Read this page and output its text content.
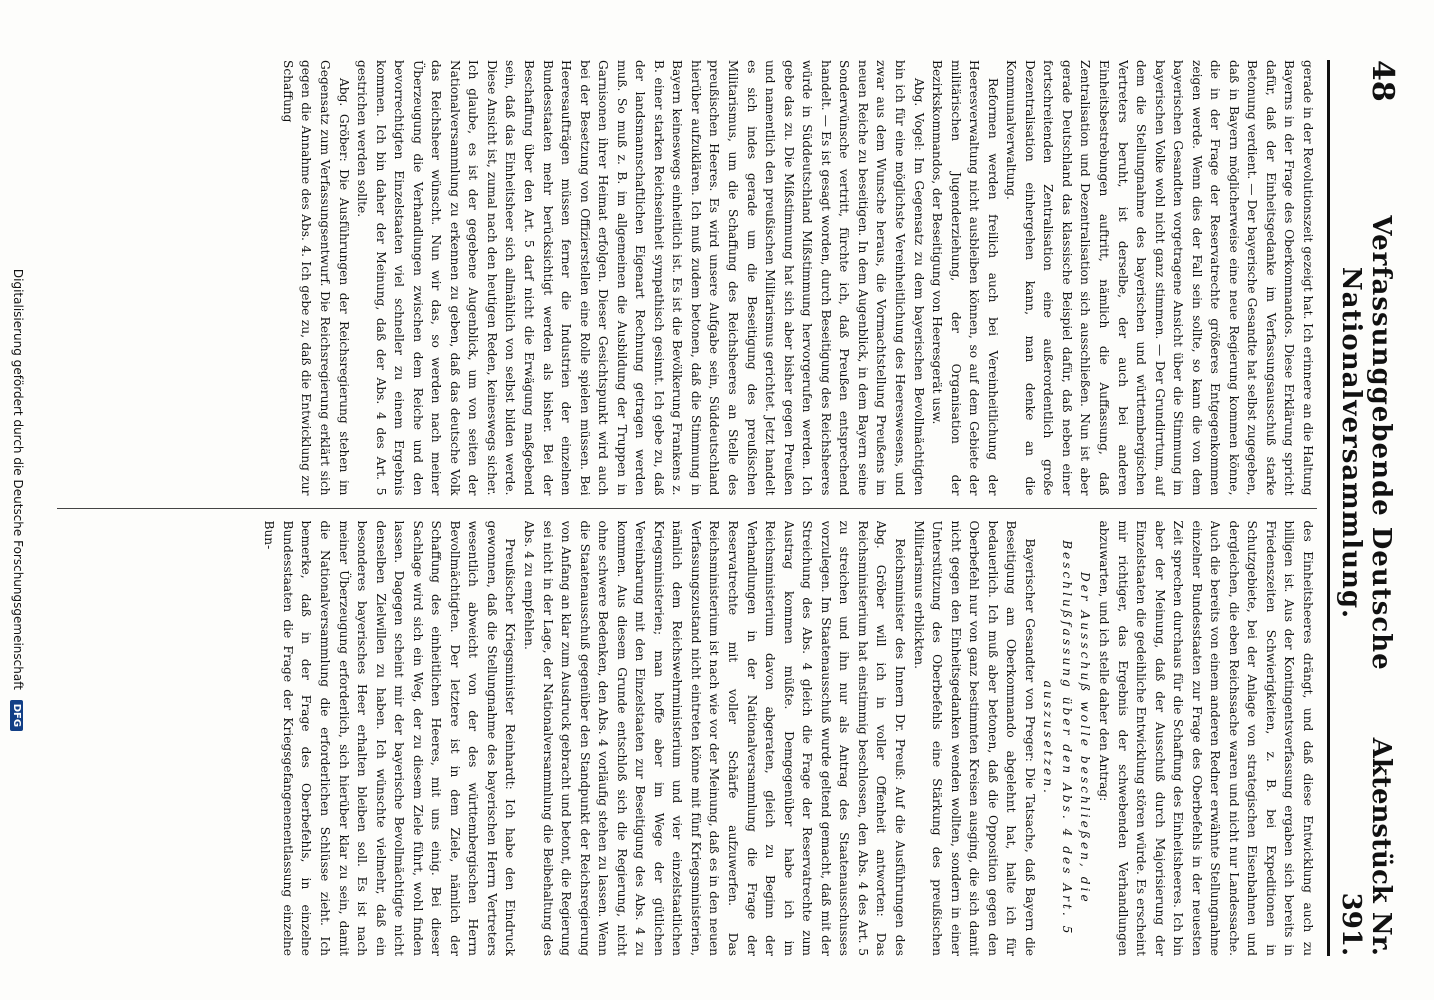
48
Verfassunggebende Deutsche Nationalversammlung.
Aktenstück Nr. 391.

gerade in der Revolutionszeit gezeigt hat. Ich erinnere an die Haltung Bayerns in der Frage des Oberkommandos. Diese Erklärung spricht dafür, daß der Einheitsgedanke im Verfassungsausschuß starke Betonung verdient. — Der bayerische Gesandte hat selbst zugegeben, daß in Bayern möglicherweise eine neue Regierung kommen könne, die in der Frage der Reservatrechte größeres Entgegenkommen zeigen werde. Wenn dies der Fall sein sollte, so kann die von dem bayerischen Gesandten vorgetragene Ansicht über die Stimmung im bayerischen Volke wohl nicht ganz stimmen. — Der Grundirrtum, auf dem die Stellungnahme des bayerischen und württembergischen Vertreters beruht, ist derselbe, der auch bei anderen Einheitsbestrebungen auftritt, nämlich die Auffassung, daß Zentralisation und Dezentralisation sich ausschließen. Nun ist aber gerade Deutschland das klassische Beispiel dafür, daß neben einer fortschreitenden Zentralisation eine außerordentlich große Dezentralisation einhergehen kann, man denke an die Kommunalverwaltung.

Reformen werden freilich auch bei Vereinheitlichung der Heeresverwaltung nicht ausbleiben können, so auf dem Gebiete der militärischen Jugenderziehung, der Organisation der Bezirkskommandos, der Beseitigung von Heeresgerät usw.

Abg. Vogel: Im Gegensatz zu dem bayerischen Bevollmächtigten bin ich für eine möglichste Vereinheitlichung des Heereswesens, und zwar aus dem Wunsche heraus, die Vormachtstellung Preußens im neuen Reiche zu beseitigen. In dem Augenblick, in dem Bayern seine Sonderwünsche vertritt, fürchte ich, daß Preußen entsprechend handelt. — Es ist gesagt worden, durch Beseitigung des Reichsheeres würde in Süddeutschland Mißstimmung hervorgerufen werden. Ich gebe das zu. Die Mißstimmung hat sich aber bisher gegen Preußen und namentlich den preußischen Militarismus gerichtet. Jetzt handelt es sich indes gerade um die Beseitigung des preußischen Militarismus, um die Schaffung des Reichsheeres an Stelle des preußischen Heeres. Es wird unsere Aufgabe sein, Süddeutschland hierüber aufzuklären. Ich muß zudem betonen, daß die Stimmung in Bayern keineswegs einheitlich ist. Es ist die Bevölkerung Frankens z. B. einer starken Reichseinheit sympathisch gesinnt. Ich gebe zu, daß der landsmannschaftlichen Eigenart Rechnung getragen werden muß. So muß z. B. im allgemeinen die Ausbildung der Truppen in Garnisonen ihrer Heimat erfolgen. Dieser Gesichtspunkt wird auch bei der Besetzung von Offizierstellen eine Rolle spielen müssen. Bei Heeresaufträgen müssen ferner die Industrien der einzelnen Bundesstaaten mehr berücksichtigt werden als bisher. Bei der Beschaffung über den Art. 5 darf nicht die Erwägung maßgebend sein, daß das Einheitsheer sich allmählich von selbst bilden werde. Diese Ansicht ist, zumal nach den heutigen Reden, keineswegs sicher. Ich glaube, es ist der gegebene Augenblick, um von seiten der Nationalversammlung zu erkennen zu geben, daß das deutsche Volk das Reichsheer wünscht. Nun wir das, so werden nach meiner Überzeugung die Verhandlungen zwischen dem Reiche und den bevorrechtigten Einzelstaaten viel schneller zu einem Ergebnis kommen. Ich bin daher der Meinung, daß der Abs. 4 des Art. 5 gestrichen werden sollte.

Abg. Gröber: Die Ausführungen der Reichsregierung stehen im Gegensatz zum Verfassungsentwurf. Die Reichsregierung erklärt sich gegen die Annahme des Abs. 4. Ich gebe zu, daß die Entwicklung zur Schaffung

des Einheitsheeres drängt, und daß diese Entwicklung auch zu billigen ist. Aus der Kontingentsverfassung ergaben sich bereits in Friedenszeiten Schwierigkeiten, z. B. bei Expeditionen in Schutzgebiete, bei der Anlage von strategischen Eisenbahnen und dergleichen, die eben Reichssache waren und nicht nur Landessache. Auch die bereits von einem anderen Redner erwähnte Stellungnahme einzelner Bundesstaaten zur Frage des Oberbefehls in der neuesten Zeit sprechen durchaus für die Schaffung des Einheitsheeres. Ich bin aber der Meinung, daß der Ausschuß durch Majorisierung der Einzelstaaten die gedeihliche Entwicklung stören würde. Es erscheint mir richtiger, das Ergebnis der schwebenden Verhandlungen abzuwarten, und ich stelle daher den Antrag:

Der Ausschuß wolle beschließen, die Beschlußfassung über den Abs. 4 des Art. 5 auszusetzen.

Bayerischer Gesandter von Preger: Die Tatsache, daß Bayern die Beseitigung am Oberkommando abgelehnt hat, halte ich für bedauerlich. Ich muß aber betonen, daß die Opposition gegen den Oberbefehl nur von ganz bestimmten Kreisen ausging, die sich damit nicht gegen den Einheitsgedanken wenden wollten, sondern in einer Unterstützung des Oberbefehls eine Stärkung des preußischen Militarismus erblickten.

Reichsminister des Innern Dr. Preuß: Auf die Ausführungen des Abg. Gröber will ich in voller Offenheit antworten: Das Reichsministerium hat einstimmig beschlossen, den Abs. 4 des Art. 5 zu streichen und ihn nur als Antrag des Staatenausschusses vorzulegen. Im Staatenausschuß wurde geltend gemacht, daß mit der Streichung des Abs. 4 gleich die Frage der Reservatrechte zum Austrag kommen müßte. Demgegenüber habe ich im Reichsministerium davon abgeraten, gleich zu Beginn der Verhandlungen in der Nationalversammlung die Frage der Reservatrechte mit voller Schärfe aufzuwerfen. Das Reichsministerium ist nach wie vor der Meinung, daß es in den neuen Verfassungszustand nicht eintreten könne mit fünf Kriegsministerien, nämlich dem Reichswehrministerium und vier einzelstaatlichen Kriegsministerien; man hoffe aber im Wege der gütlichen Vereinbarung mit den Einzelstaaten zur Beseitigung des Abs. 4 zu kommen. Aus diesem Grunde entschloß sich die Regierung, nicht ohne schwere Bedenken, den Abs. 4 vorläufig stehen zu lassen. Wenn die Staatenausschuß gegenüber den Standpunkt der Reichsregierung von Anfang an klar zum Ausdruck gebracht und betont, die Regierung sei nicht in der Lage, der Nationalversammlung die Beibehaltung des Abs. 4 zu empfehlen.

Preußischer Kriegsminister Reinhardt: Ich habe den Eindruck gewonnen, daß die Stellungnahme des bayerischen Herrn Vertreters wesentlich abweicht von der des württembergischen Herrn Bevollmächtigten. Der letztere ist in dem Ziele, nämlich der Schaffung des einheitlichen Heeres, mit uns einig. Bei dieser Sachlage wird sich ein Weg, der zu diesem Ziele führt, wohl finden lassen. Dagegen scheint mir der bayerische Bevollmächtigte nicht denselben Zielwillen zu haben. Ich wünschte vielmehr, daß ein besonderes bayerisches Heer erhalten bleiben soll. Es ist nach meiner Überzeugung erforderlich, sich hierüber klar zu sein, damit die Nationalversammlung die erforderlichen Schlüsse zieht. Ich bemerke, daß in der Frage des Oberbefehls, in einzelne Bundesstaaten die Frage der Kriegsgefangenenentlassung einzelne Bun-

Digitalisierung gefördert durch die Deutsche Forschungsgemeinschaft DFG
